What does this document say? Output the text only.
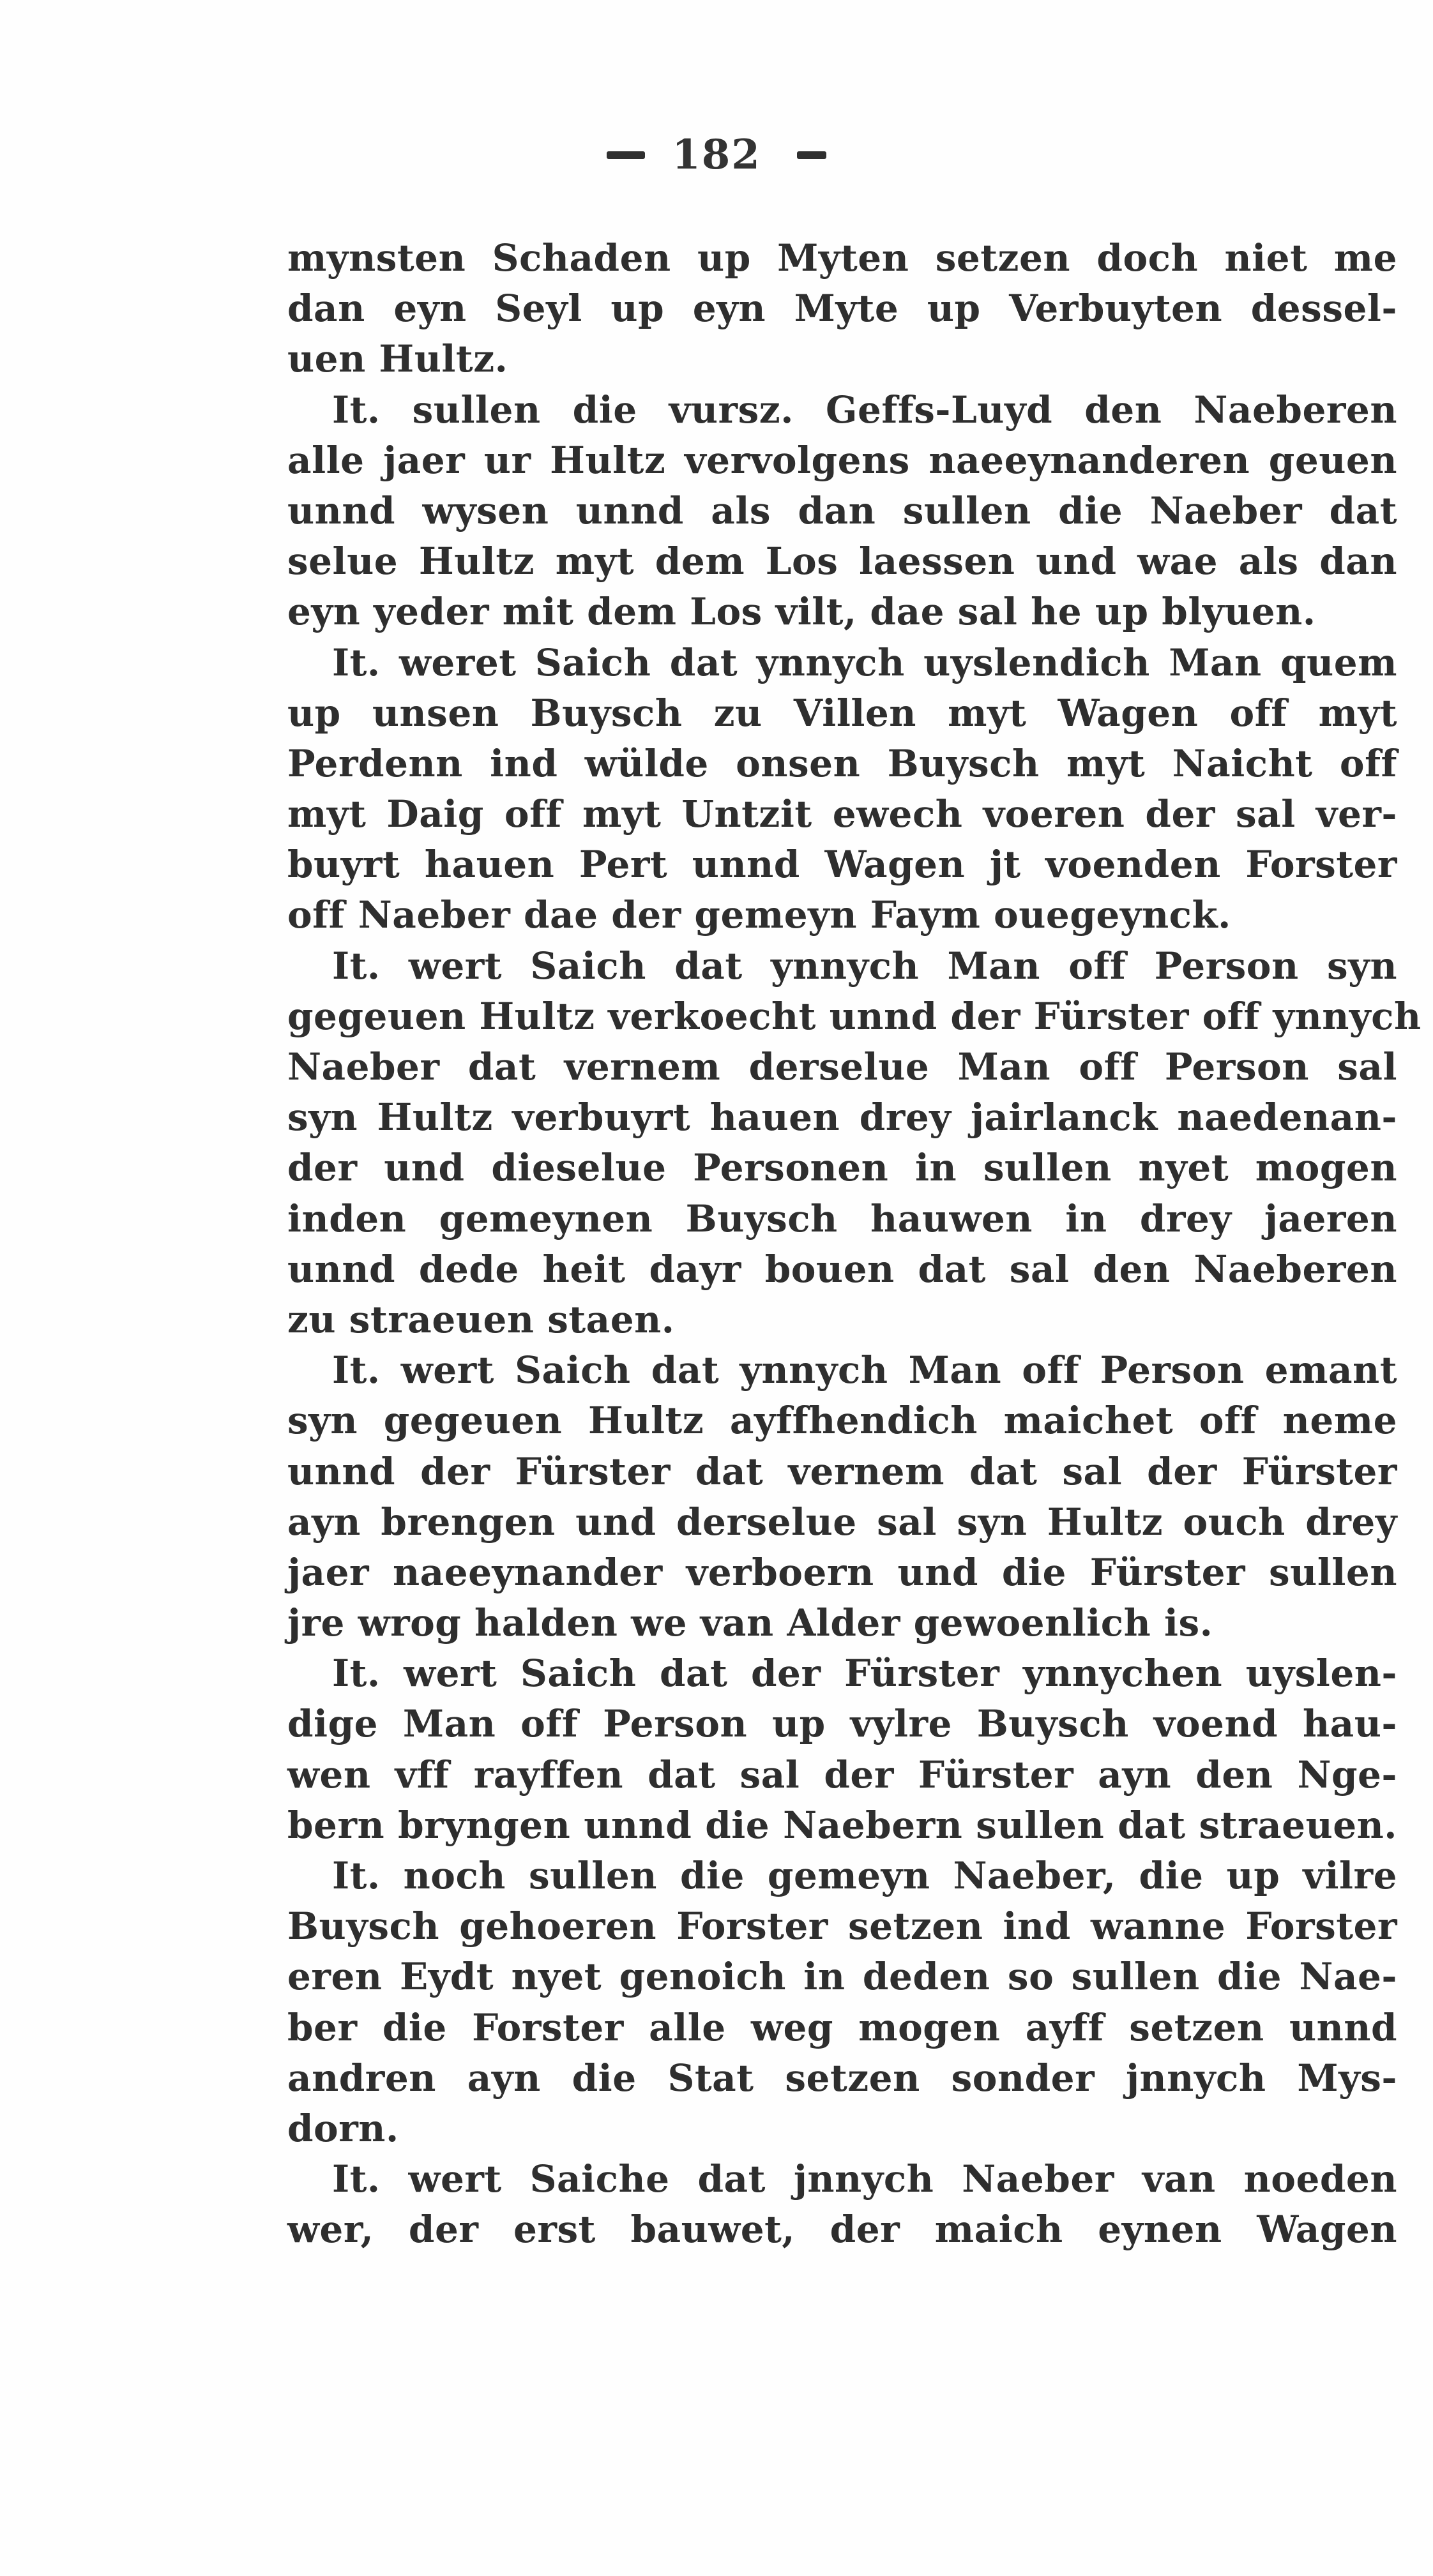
182
mynsten Schaden up Myten setzen doch niet me
dan eyn Seyl up eyn Myte up Verbuyten dessel-
uen Hultz.
It. sullen die vursz. Geffs-Luyd den Naeberen
alle jaer ur Hultz vervolgens naeeynanderen geuen
unnd wysen unnd als dan sullen die Naeber dat
selue Hultz myt dem Los laessen und wae als dan
eyn yeder mit dem Los vilt, dae sal he up blyuen.
It. weret Saich dat ynnych uyslendich Man quem
up unsen Buysch zu Villen myt Wagen off myt
Perdenn ind wülde onsen Buysch myt Naicht off
myt Daig off myt Untzit ewech voeren der sal ver-
buyrt hauen Pert unnd Wagen jt voenden Forster
off Naeber dae der gemeyn Faym ouegeynck.
It. wert Saich dat ynnych Man off Person syn
gegeuen Hultz verkoecht unnd der Fürster off ynnych
Naeber dat vernem derselue Man off Person sal
syn Hultz verbuyrt hauen drey jairlanck naedenan-
der und dieselue Personen in sullen nyet mogen
inden gemeynen Buysch hauwen in drey jaeren
unnd dede heit dayr bouen dat sal den Naeberen
zu straeuen staen.
It. wert Saich dat ynnych Man off Person emant
syn gegeuen Hultz ayffhendich maichet off neme
unnd der Fürster dat vernem dat sal der Fürster
ayn brengen und derselue sal syn Hultz ouch drey
jaer naeeynander verboern und die Fürster sullen
jre wrog halden we van Alder gewoenlich is.
It. wert Saich dat der Fürster ynnychen uyslen-
dige Man off Person up vylre Buysch voend hau-
wen vff rayffen dat sal der Fürster ayn den Nge-
bern bryngen unnd die Naebern sullen dat straeuen.
It. noch sullen die gemeyn Naeber, die up vilre
Buysch gehoeren Forster setzen ind wanne Forster
eren Eydt nyet genoich in deden so sullen die Nae-
ber die Forster alle weg mogen ayff setzen unnd
andren ayn die Stat setzen sonder jnnych Mys-
dorn.
It. wert Saiche dat jnnych Naeber van noeden
wer, der erst bauwet, der maich eynen Wagen
